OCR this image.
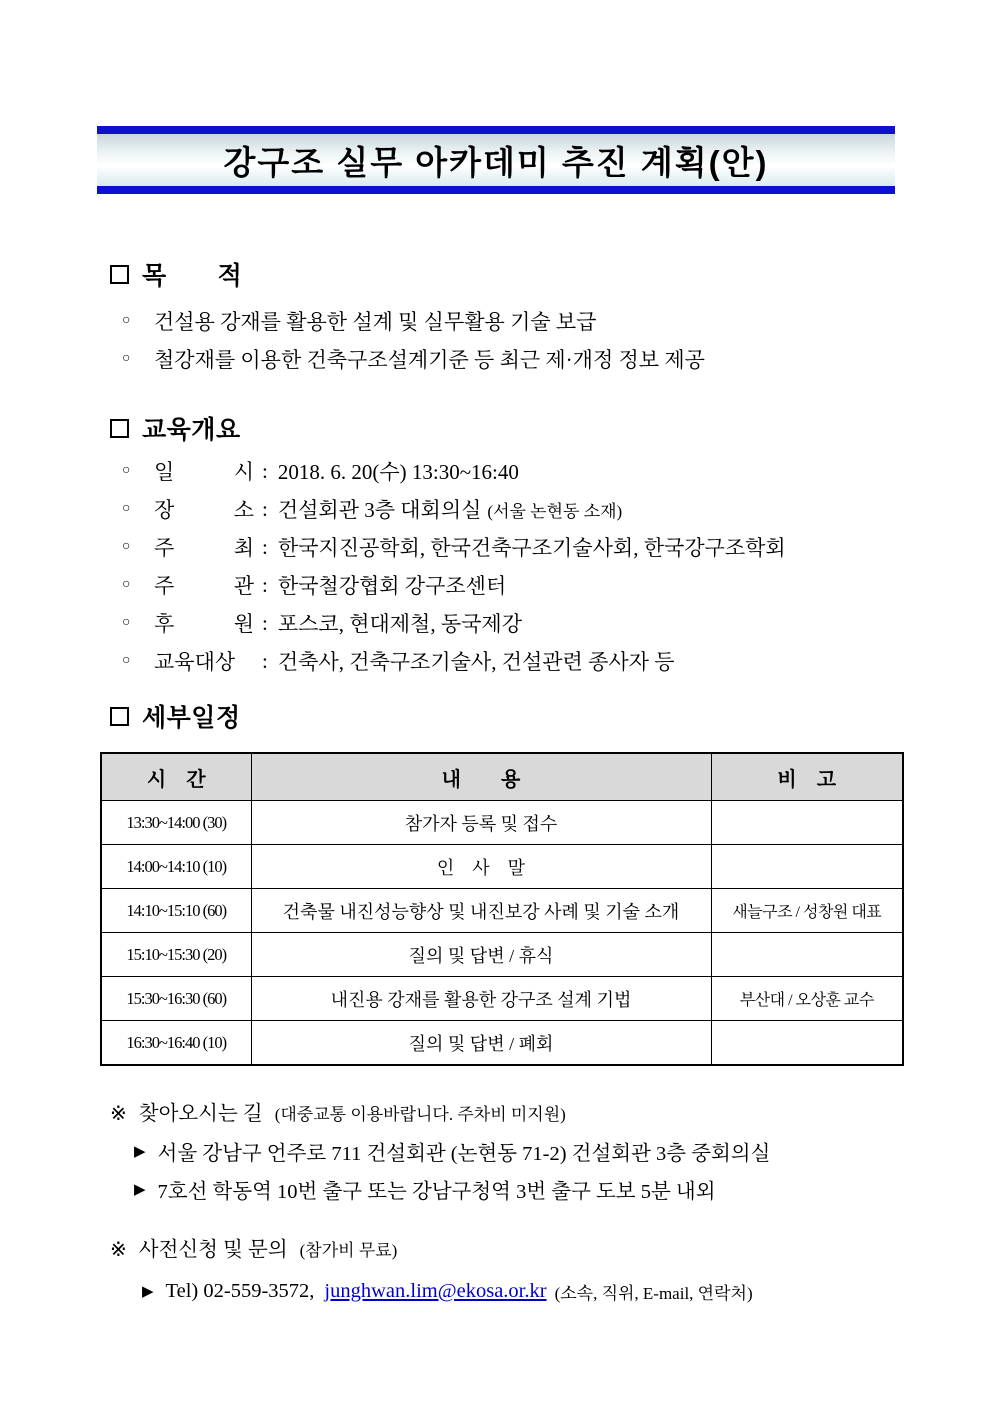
강구조 실무 아카데미 추진 계획(안)
목  적
○	건설용 강재를 활용한 설계 및 실무활용 기술 보급
○	철강재를 이용한 건축구조설계기준 등 최근 제·개정 정보 제공
교육개요
○	일 시 : 2018. 6. 20(수) 13:30~16:40
○	장 소 : 건설회관 3층 대회의실 (서울 논현동 소재)
○	주 최 : 한국지진공학회, 한국건축구조기술사회, 한국강구조학회
○	주 관 : 한국철강협회 강구조센터
○	후 원 : 포스코, 현대제철, 동국제강
○	교육대상	: 건축사, 건축구조기술사, 건설관련 종사자 등
세부일정
시 간	내  용	비 고
13:30~14:00 (30)	참가자 등록 및 접수	
14:00~14:10 (10)	인 사 말	
14:10~15:10 (60)	건축물 내진성능향상 및 내진보강 사례 및 기술 소개	새늘구조 / 성창원 대표
15:10~15:30 (20)	질의 및 답변 / 휴식	
15:30~16:30 (60)	내진용 강재를 활용한 강구조 설계 기법	부산대 / 오상훈 교수
16:30~16:40 (10)	질의 및 답변 / 폐회	
※ 찾아오시는 길 (대중교통 이용바랍니다. 주차비 미지원)
▶ 서울 강남구 언주로 711 건설회관 (논현동 71-2) 건설회관 3층 중회의실
▶ 7호선 학동역 10번 출구 또는 강남구청역 3번 출구 도보 5분 내외
※ 사전신청 및 문의 (참가비 무료)
▶ Tel) 02-559-3572, junghwan.lim@ekosa.or.kr (소속, 직위, E-mail, 연락처)
